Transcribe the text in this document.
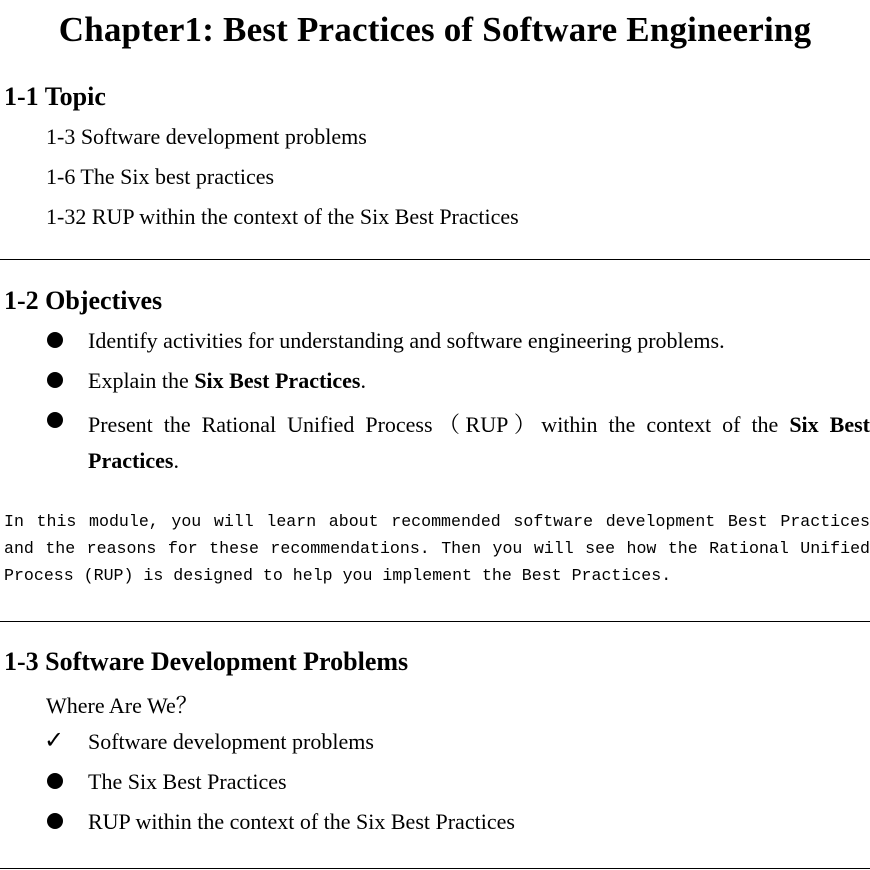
Chapter1: Best Practices of Software Engineering
1-1 Topic
1-3 Software development problems
1-6 The Six best practices
1-32 RUP within the context of the Six Best Practices
1-2 Objectives
Identify activities for understanding and software engineering problems.
Explain the Six Best Practices.
Present the Rational Unified Process（RUP）within the context of the Six Best
Practices.
In this module, you will learn about recommended software development Best Practices and the reasons for these recommendations. Then you will see how the Rational Unified Process (RUP) is designed to help you implement the Best Practices.
1-3 Software Development Problems
Where Are We？
✓ Software development problems
The Six Best Practices
RUP within the context of the Six Best Practices
